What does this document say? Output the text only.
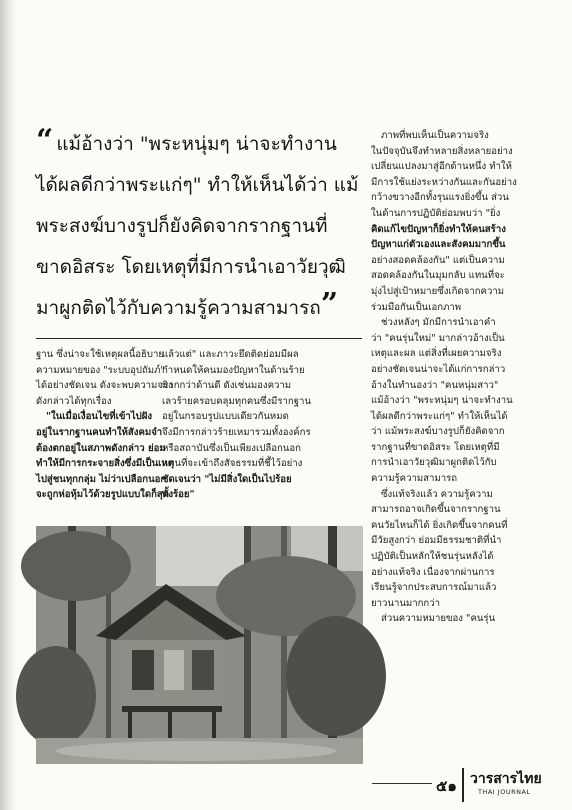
“ แม้อ้างว่า "พระหนุ่มๆ น่าจะทำงาน
ได้ผลดีกว่าพระแก่ๆ" ทำให้เห็นได้ว่า แม้
พระสงฆ์บางรูปก็ยังคิดจากรากฐานที่
ขาดอิสระ โดยเหตุที่มีการนำเอาวัยวุฒิ
มาผูกติดไว้กับความรู้ความสามารถ”
ฐาน ซึ่งน่าจะใช้เหตุผลนี้อธิบาย
ความหมายของ "ระบบอุปถัมภ์"
ได้อย่างชัดเจน ดังจะพบความจริง
ดังกล่าวได้ทุกเรื่อง
"ในเมื่อเงื่อนไขที่เข้าไปฝัง
อยู่ในรากฐานคนทำให้สังคมจำ
ต้องตกอยู่ในสภาพดังกล่าว ย่อม
ทำให้มีการกระจายสิ่งซึ่งมีเป็นเหตุ
ไปสู่ชนทุกกลุ่ม ไม่ว่าเปลือกนอก
จะถูกห่อหุ้มไว้ด้วยรูปแบบใดก็สุด
แล้วแต่" และภาวะยึดติดย่อมมีผล
กำหนดให้คนมองปัญหาในด้านร้าย
มากกว่าด้านดี ดังเช่นมองความ
เลวร้ายครอบคลุมทุกคนซึ่งมีรากฐาน
อยู่ในกรอบรูปแบบเดียวกันหมด
จึงมีการกล่าวร้ายเหมารวมทั้งองค์กร
หรือสถาบันซึ่งเป็นเพียงเปลือกนอก
แทนที่จะเข้าถึงสัจธรรมที่ชี้ไว้อย่าง
ชัดเจนว่า "ไม่มีสิ่งใดเป็นไปร้อย
ทั้งร้อย"
ภาพที่พบเห็นเป็นความจริง
ในปัจจุบันจึงทำหลายสิ่งหลายอย่าง
เปลี่ยนแปลงมาสู่อีกด้านหนึ่ง ทำให้
มีการใช้แย่งระหว่างกันและกันอย่าง
กว้างขวางอีกทั้งรุนแรงยิ่งขึ้น ส่วน
ในด้านการปฏิบัติย่อมพบว่า "ยิ่ง
คิดแก้ไขปัญหาก็ยิ่งทำให้คนสร้าง
ปัญหาแก่ตัวเองและสังคมมากขึ้น
อย่างสอดคล้องกัน" แต่เป็นความ
สอดคล้องกันในมุมกลับ แทนที่จะ
มุ่งไปสู่เป้าหมายซึ่งเกิดจากความ
ร่วมมือกันเป็นเอกภาพ
ช่วงหลังๆ มักมีการนำเอาคำ
ว่า "คนรุ่นใหม่" มากล่าวอ้างเป็น
เหตุและผล แต่สิ่งที่เผยความจริง
อย่างชัดเจนน่าจะได้แก่การกล่าว
อ้างในทำนองว่า "คนหนุ่มสาว"
แม้อ้างว่า "พระหนุ่มๆ น่าจะทำงาน
ได้ผลดีกว่าพระแก่ๆ" ทำให้เห็นได้
ว่า แม้พระสงฆ์บางรูปก็ยังคิดจาก
รากฐานที่ขาดอิสระ โดยเหตุที่มี
การนำเอาวัยวุฒิมาผูกติดไว้กับ
ความรู้ความสามารถ
ซึ่งแท้จริงแล้ว ความรู้ความ
สามารถอาจเกิดขึ้นจากรากฐาน
คนวัยไหนก็ได้ ยิ่งเกิดขึ้นจากคนที่
มีวัยสูงกว่า ย่อมมีธรรมชาติที่นำ
ปฏิบัติเป็นหลักให้ชนรุ่นหลังได้
อย่างแท้จริง เนื่องจากผ่านการ
เรียนรู้จากประสบการณ์มาแล้ว
ยาวนานมากกว่า
ส่วนความหมายของ "คนรุ่น
๕๑ วารสารไทย
THAI JOURNAL
